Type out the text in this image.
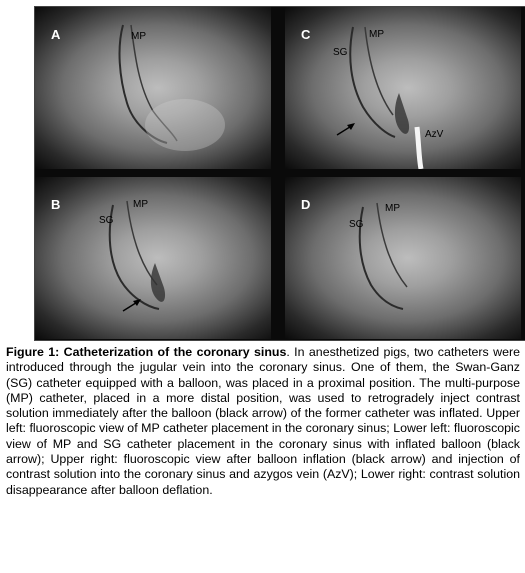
A	MP	C	MP
SG
AzV
B	MP
SG
D	MP
SG
Figure 1: Catheterization of the coronary sinus. In anesthetized pigs, two catheters were introduced through the jugular vein into the coronary sinus. One of them, the Swan-Ganz (SG) catheter equipped with a balloon, was placed in a proximal position. The multi-purpose (MP) catheter, placed in a more distal position, was used to retrogradely inject contrast solution immediately after the balloon (black arrow) of the former catheter was inflated. Upper left: fluoroscopic view of MP catheter placement in the coronary sinus; Lower left: fluoroscopic view of MP and SG catheter placement in the coronary sinus with inflated balloon (black arrow); Upper right: fluoroscopic view after balloon inflation (black arrow) and injection of contrast solution into the coronary sinus and azygos vein (AzV); Lower right: contrast solution disappearance after balloon deflation.
